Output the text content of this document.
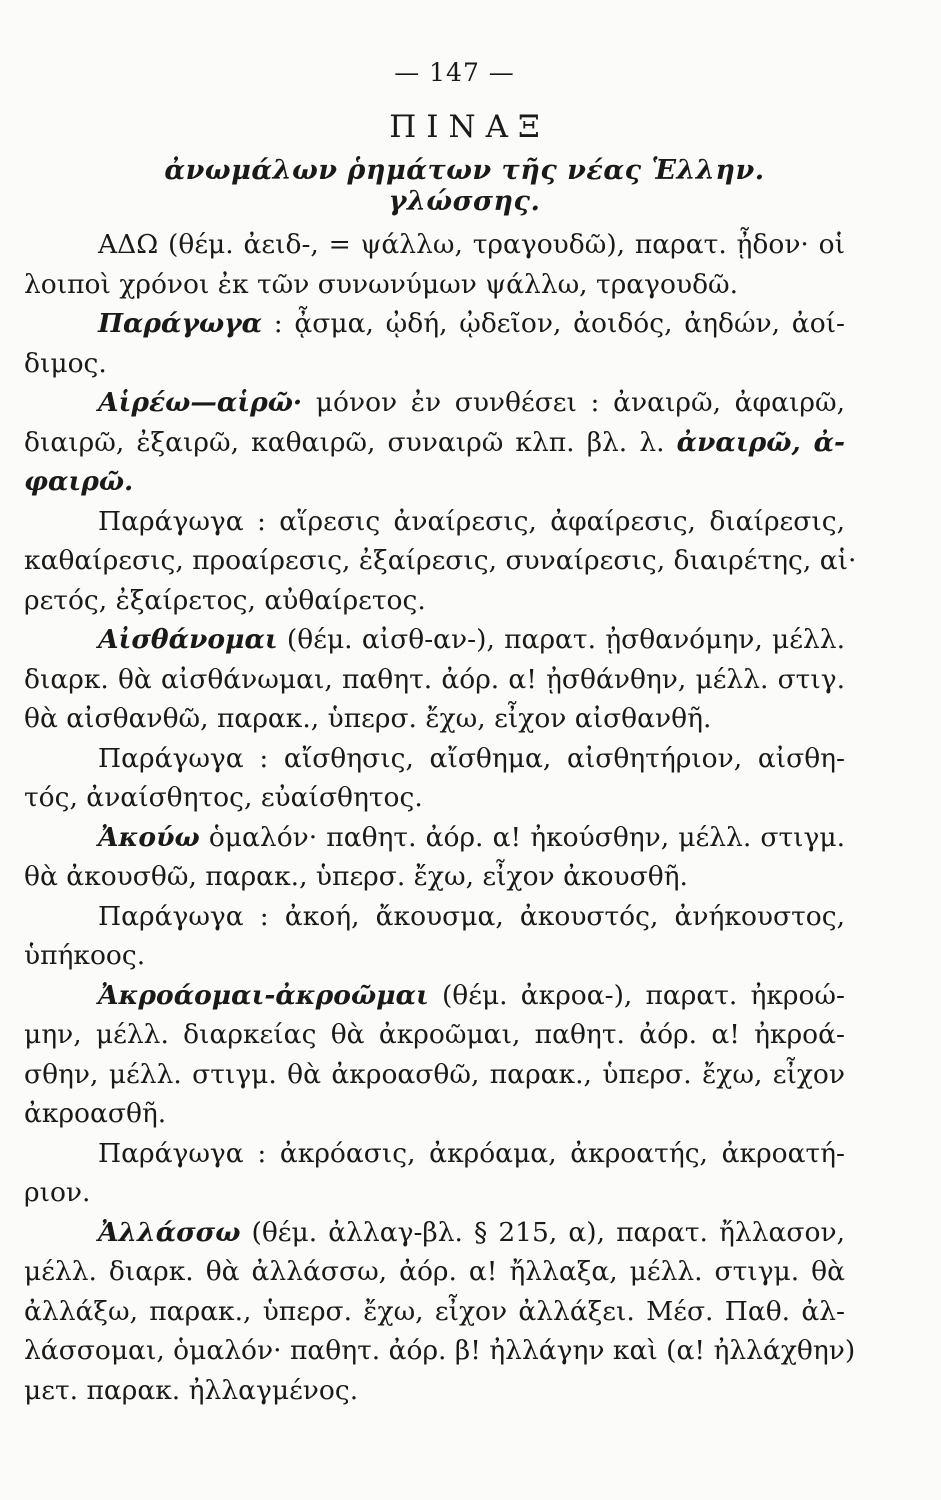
— 147 —
ΠΙΝΑΞ
ἀνωμάλων ῥημάτων τῆς νέας Ἑλλην. γλώσσης.
ΑΔΩ (θέμ. ἀειδ-, = ψάλλω, τραγουδῶ), παρατ. ᾖδον· οἱ
λοιποὶ χρόνοι ἐκ τῶν συνωνύμων ψάλλω, τραγουδῶ.
Παράγωγα : ᾆσμα, ᾠδή, ᾠδεῖον, ἀοιδός, ἀηδών, ἀοί-
διμος.
Αἱρέω—αἱρῶ· μόνον ἐν συνθέσει : ἀναιρῶ, ἀφαιρῶ,
διαιρῶ, ἐξαιρῶ, καθαιρῶ, συναιρῶ κλπ. βλ. λ. ἀναιρῶ, ἀ-
φαιρῶ.
Παράγωγα : αἵρεσις ἀναίρεσις, ἀφαίρεσις, διαίρεσις,
καθαίρεσις, προαίρεσις, ἐξαίρεσις, συναίρεσις, διαιρέτης, αἱ·
ρετός, ἐξαίρετος, αὐθαίρετος.
Αἰσθάνομαι (θέμ. αἰσθ-αν-), παρατ. ᾐσθανόμην, μέλλ.
διαρκ. θὰ αἰσθάνωμαι, παθητ. ἀόρ. α! ᾐσθάνθην, μέλλ. στιγ.
θὰ αἰσθανθῶ, παρακ., ὑπερσ. ἔχω, εἶχον αἰσθανθῆ.
Παράγωγα : αἴσθησις, αἴσθημα, αἰσθητήριον, αἰσθη-
τός, ἀναίσθητος, εὐαίσθητος.
Ἀκούω ὁμαλόν· παθητ. ἀόρ. α! ἠκούσθην, μέλλ. στιγμ.
θὰ ἀκουσθῶ, παρακ., ὑπερσ. ἔχω, εἶχον ἀκουσθῆ.
Παράγωγα : ἀκοή, ἄκουσμα, ἀκουστός, ἀνήκουστος,
ὑπήκοος.
Ἀκροάομαι-ἀκροῶμαι (θέμ. ἀκροα-), παρατ. ἠκροώ-
μην, μέλλ. διαρκείας θὰ ἀκροῶμαι, παθητ. ἀόρ. α! ἠκροά-
σθην, μέλλ. στιγμ. θὰ ἀκροασθῶ, παρακ., ὑπερσ. ἔχω, εἶχον
ἀκροασθῆ.
Παράγωγα : ἀκρόασις, ἀκρόαμα, ἀκροατής, ἀκροατή-
ριον.
Ἀλλάσσω (θέμ. ἀλλαγ-βλ. § 215, α), παρατ. ἤλλασον,
μέλλ. διαρκ. θὰ ἀλλάσσω, ἀόρ. α! ἤλλαξα, μέλλ. στιγμ. θὰ
ἀλλάξω, παρακ., ὑπερσ. ἔχω, εἶχον ἀλλάξει. Μέσ. Παθ. ἀλ-
λάσσομαι, ὁμαλόν· παθητ. ἀόρ. β! ἠλλάγην καὶ (α! ἠλλάχθην)
μετ. παρακ. ἠλλαγμένος.
